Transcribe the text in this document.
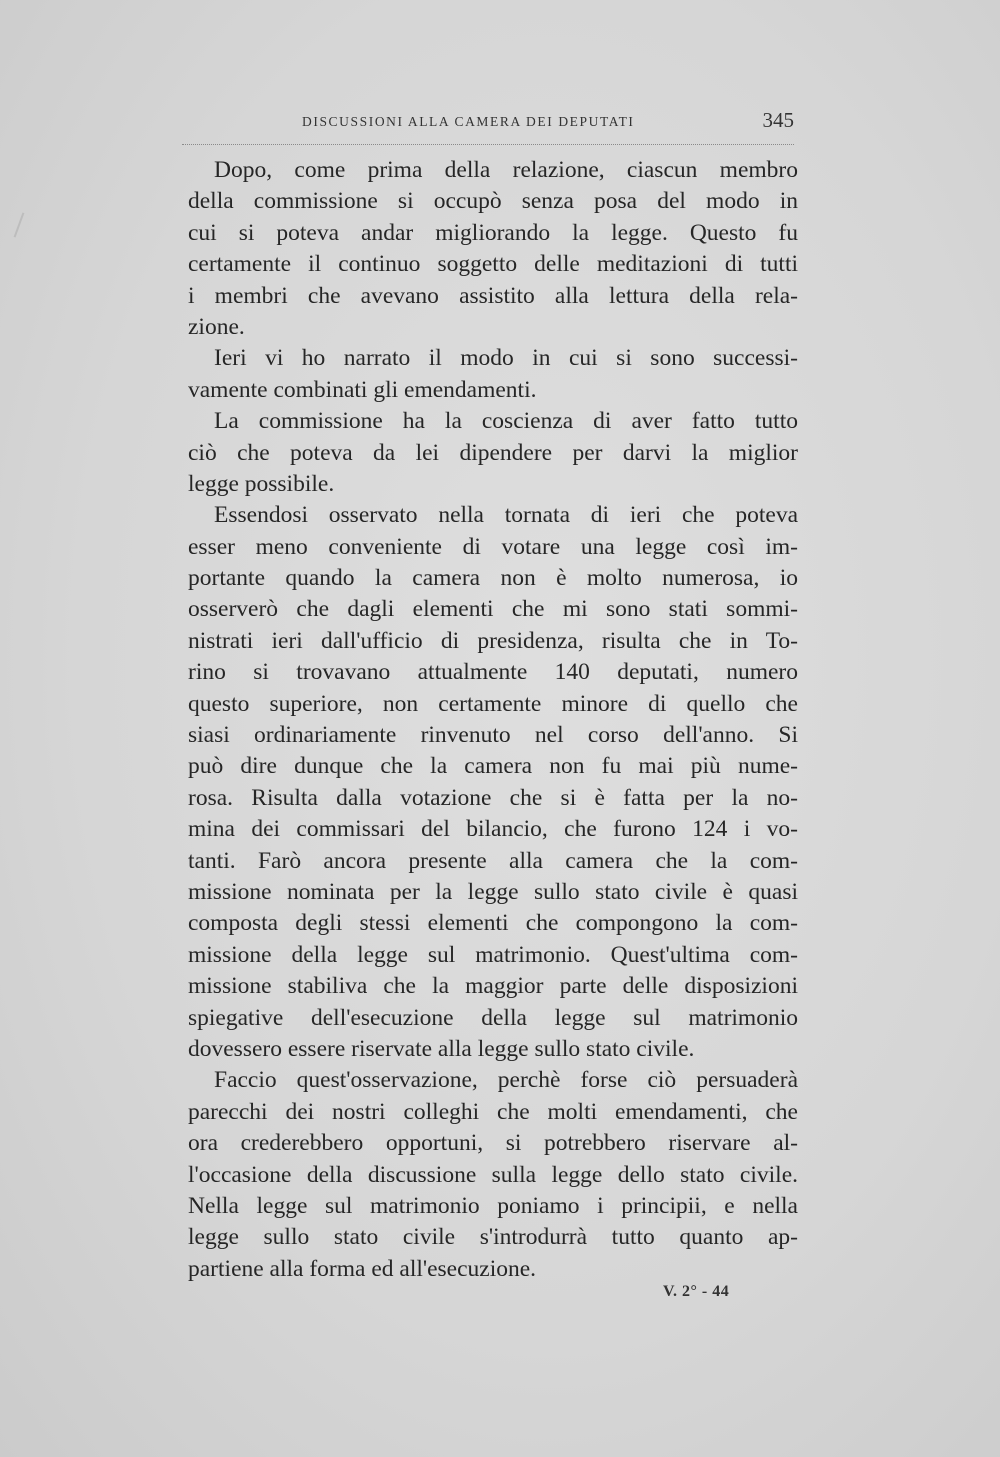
DISCUSSIONI ALLA CAMERA DEI DEPUTATI	345
Dopo, come prima della relazione, ciascun membro
della commissione si occupò senza posa del modo in
cui si poteva andar migliorando la legge. Questo fu
certamente il continuo soggetto delle meditazioni di tutti
i membri che avevano assistito alla lettura della rela-
zione.
Ieri vi ho narrato il modo in cui si sono successi-
vamente combinati gli emendamenti.
La commissione ha la coscienza di aver fatto tutto
ciò che poteva da lei dipendere per darvi la miglior
legge possibile.
Essendosi osservato nella tornata di ieri che poteva
esser meno conveniente di votare una legge così im-
portante quando la camera non è molto numerosa, io
osserverò che dagli elementi che mi sono stati sommi-
nistrati ieri dall'ufficio di presidenza, risulta che in To-
rino si trovavano attualmente 140 deputati, numero
questo superiore, non certamente minore di quello che
siasi ordinariamente rinvenuto nel corso dell'anno. Si
può dire dunque che la camera non fu mai più nume-
rosa. Risulta dalla votazione che si è fatta per la no-
mina dei commissari del bilancio, che furono 124 i vo-
tanti. Farò ancora presente alla camera che la com-
missione nominata per la legge sullo stato civile è quasi
composta degli stessi elementi che compongono la com-
missione della legge sul matrimonio. Quest'ultima com-
missione stabiliva che la maggior parte delle disposizioni
spiegative dell'esecuzione della legge sul matrimonio
dovessero essere riservate alla legge sullo stato civile.
Faccio quest'osservazione, perchè forse ciò persuaderà
parecchi dei nostri colleghi che molti emendamenti, che
ora crederebbero opportuni, si potrebbero riservare al-
l'occasione della discussione sulla legge dello stato civile.
Nella legge sul matrimonio poniamo i principii, e nella
legge sullo stato civile s'introdurrà tutto quanto ap-
partiene alla forma ed all'esecuzione.
V. 2° - 44
